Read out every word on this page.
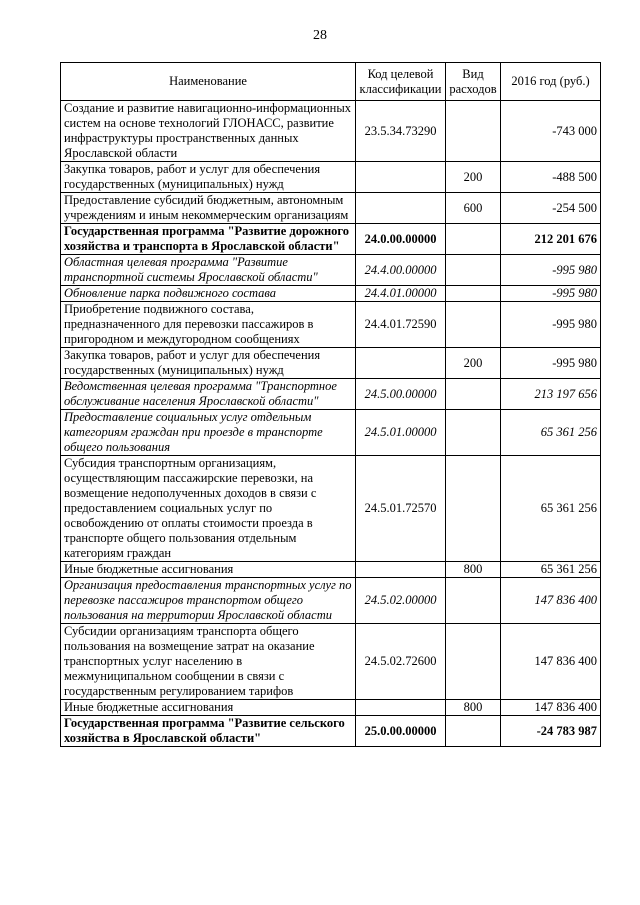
28
Наименование	Код целевой классификации	Вид расходов	2016 год (руб.)
Создание и развитие навигационно-информационных систем на основе технологий ГЛОНАСС, развитие инфраструктуры пространственных данных Ярославской области	23.5.34.73290		-743 000
Закупка товаров, работ и услуг для обеспечения государственных (муниципальных) нужд		200	-488 500
Предоставление субсидий бюджетным, автономным учреждениям и иным некоммерческим организациям		600	-254 500
Государственная программа "Развитие дорожного хозяйства и транспорта в Ярославской области"	24.0.00.00000		212 201 676
Областная целевая программа "Развитие транспортной системы Ярославской области"	24.4.00.00000		-995 980
Обновление парка подвижного состава	24.4.01.00000		-995 980
Приобретение подвижного состава, предназначенного для перевозки пассажиров в пригородном и междугородном сообщениях	24.4.01.72590		-995 980
Закупка товаров, работ и услуг для обеспечения государственных (муниципальных) нужд		200	-995 980
Ведомственная целевая программа "Транспортное обслуживание населения Ярославской области"	24.5.00.00000		213 197 656
Предоставление социальных услуг отдельным категориям граждан при проезде в транспорте общего пользования	24.5.01.00000		65 361 256
Субсидия транспортным организациям, осуществляющим пассажирские перевозки, на возмещение недополученных доходов в связи с предоставлением социальных услуг по освобождению от оплаты стоимости проезда в транспорте общего пользования отдельным категориям граждан	24.5.01.72570		65 361 256
Иные бюджетные ассигнования		800	65 361 256
Организация предоставления транспортных услуг по перевозке пассажиров транспортом общего пользования на территории Ярославской области	24.5.02.00000		147 836 400
Субсидии организациям транспорта общего пользования на возмещение затрат на оказание транспортных услуг населению в межмуниципальном сообщении в связи с государственным регулированием тарифов	24.5.02.72600		147 836 400
Иные бюджетные ассигнования		800	147 836 400
Государственная программа "Развитие сельского хозяйства в Ярославской области"	25.0.00.00000		-24 783 987
